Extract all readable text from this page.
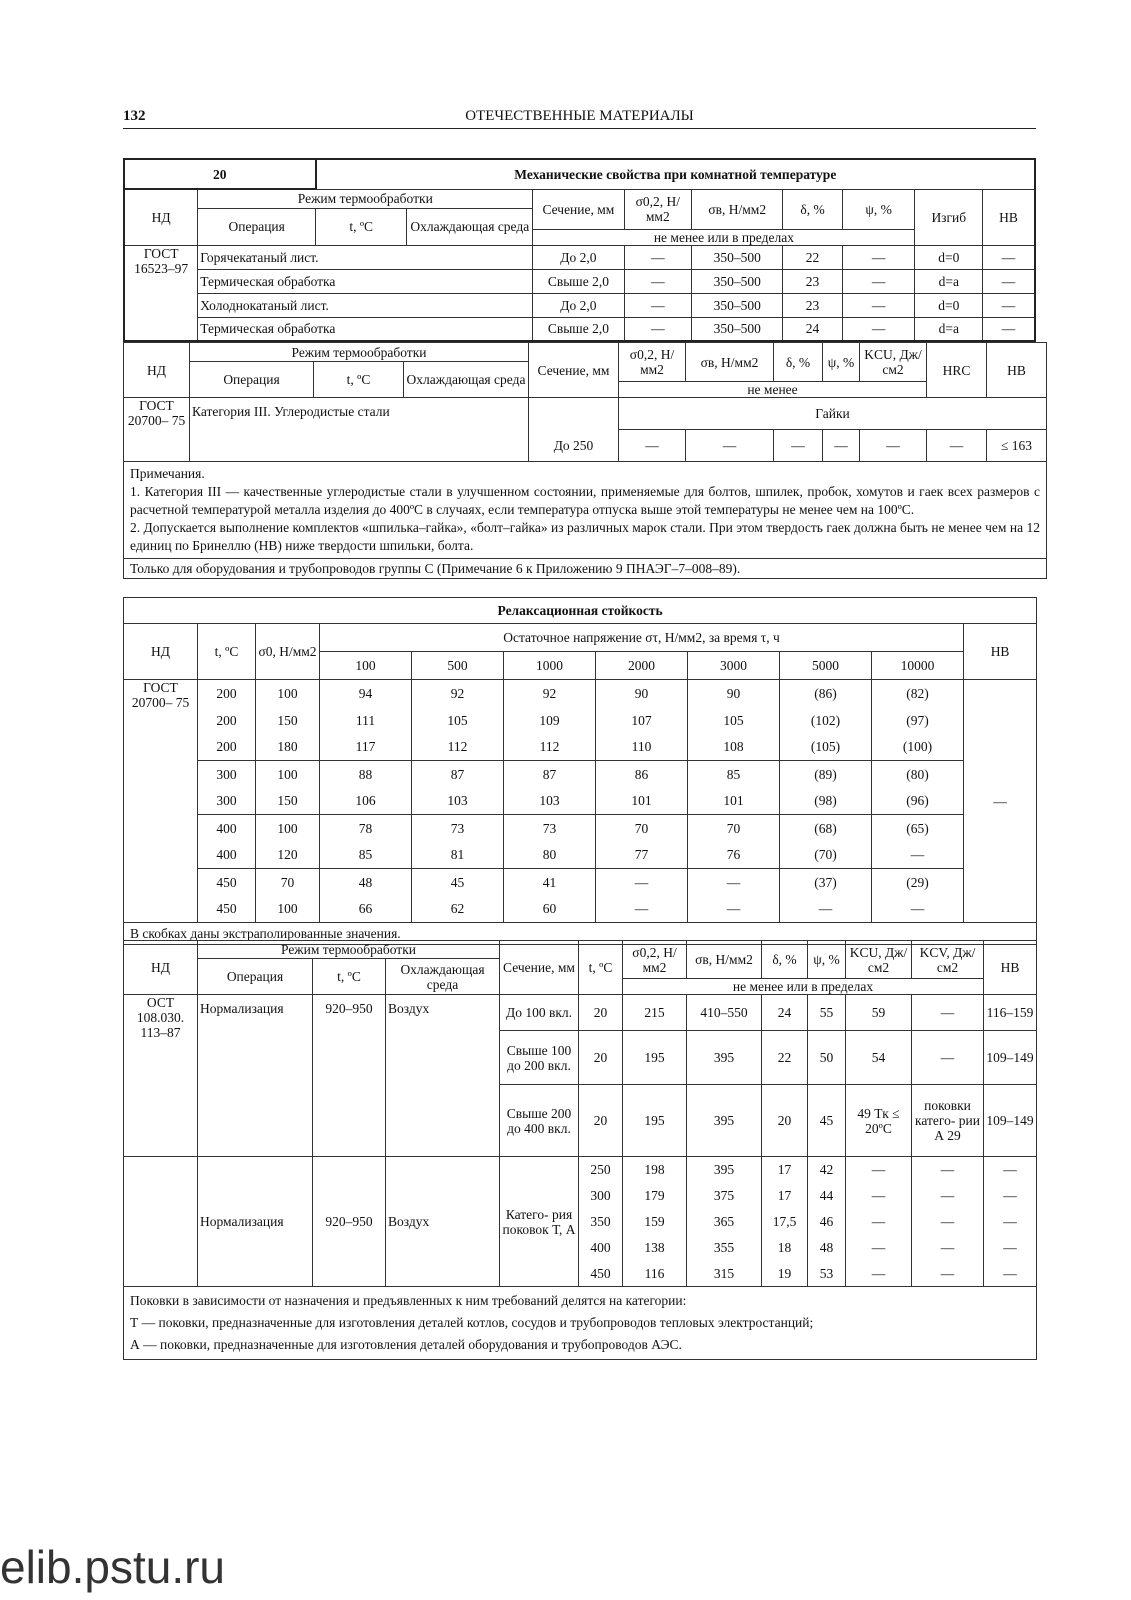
132	ОТЕЧЕСТВЕННЫЕ МАТЕРИАЛЫ
20		Механические свойства при комнатной температуре								
НД	Режим термообработки			Сечение, мм	σ0,2, Н/мм2	σв, Н/мм2	δ, %	ψ, %	Изгиб	НВ
	Операция	t, ºС	Охлаждающая среда							
				не менее или в пределах						
ГОСТ 16523–97	Горячекатаный лист.			До 2,0	—	350–500	22	—	d=0	—
	Термическая обработка			Свыше 2,0	—	350–500	23	—	d=a	—
	Холоднокатаный лист.			До 2,0	—	350–500	23	—	d=0	—
	Термическая обработка			Свыше 2,0	—	350–500	24	—	d=a	—
НД	Режим термообработки			Сечение, мм	σ0,2, Н/мм2	σв, Н/мм2	δ, %	ψ, %	KCU, Дж/см2	HRC	НВ
	Операция	t, ºС	Охлаждающая среда								
					не менее						
ГОСТ 20700– 75	Категория III. Углеродистые стали				Гайки						
				До 250	—	—	—	—	—	—	≤ 163

Примечания.
1. Категория III — качественные углеродистые стали в улучшенном состоянии, применяемые для болтов, шпилек, пробок, хомутов и гаек всех размеров с расчетной температурой металла изделия до 400ºС в случаях, если температура отпуска выше этой температуры не менее чем на 100ºС.
2. Допускается выполнение комплектов «шпилька–гайка», «болт–гайка» из различных марок стали. При этом твердость гаек должна быть не менее чем на 12 единиц по Бринеллю (НВ) ниже твердости шпильки, болта.											

Только для оборудования и трубопроводов группы С (Примечание 6 к Приложению 9 ПНАЭГ–7–008–89).											
Релаксационная стойкость										
НД	t, ºС	σ0, Н/мм2	Остаточное напряжение στ, Н/мм2, за время τ, ч							НВ
			100	500	1000	2000	3000	5000	10000	
ГОСТ 20700– 75	200	100	94	92	92	90	90	(86)	(82)	—
	200	150	111	105	109	107	105	(102)	(97)	
	200	180	117	112	112	110	108	(105)	(100)	
	300	100	88	87	87	86	85	(89)	(80)	
	300	150	106	103	103	101	101	(98)	(96)	
	400	100	78	73	73	70	70	(68)	(65)	
	400	120	85	81	80	77	76	(70)	—	
	450	70	48	45	41	—	—	(37)	(29)	
	450	100	66	62	60	—	—	—	—	
В скобках даны экстраполированные значения.										
НД	Режим термообработки			Сечение, мм	t, ºС	σ0,2, Н/мм2	σв, Н/мм2	δ, %	ψ, %	KCU, Дж/см2	KCV, Дж/см2	НВ
	Операция	t, ºС	Охлаждающая среда									
						не менее или в пределах						
ОСТ 108.030. 113–87	Нормализация	920–950	Воздух	До 100 вкл.	20	215	410–550	24	55	59	—	116–159
				Свыше 100 до 200 вкл.	20	195	395	22	50	54	—	109–149
				Свыше 200 до 400 вкл.	20	195	395	20	45	49 Тк ≤ 20ºС	поковки катего- рии А 29	109–149
	Нормализация	920–950	Воздух	Катего- рия поковок Т, А	250	198	395	17	42	—	—	—
					300	179	375	17	44	—	—	—
					350	159	365	17,5	46	—	—	—
					400	138	355	18	48	—	—	—
					450	116	315	19	53	—	—	—

Поковки в зависимости от назначения и предъявленных к ним требований делятся на категории:
Т — поковки, предназначенные для изготовления деталей котлов, сосудов и трубопроводов тепловых электростанций;
А — поковки, предназначенные для изготовления деталей оборудования и трубопроводов АЭС.												
elib.pstu.ru
